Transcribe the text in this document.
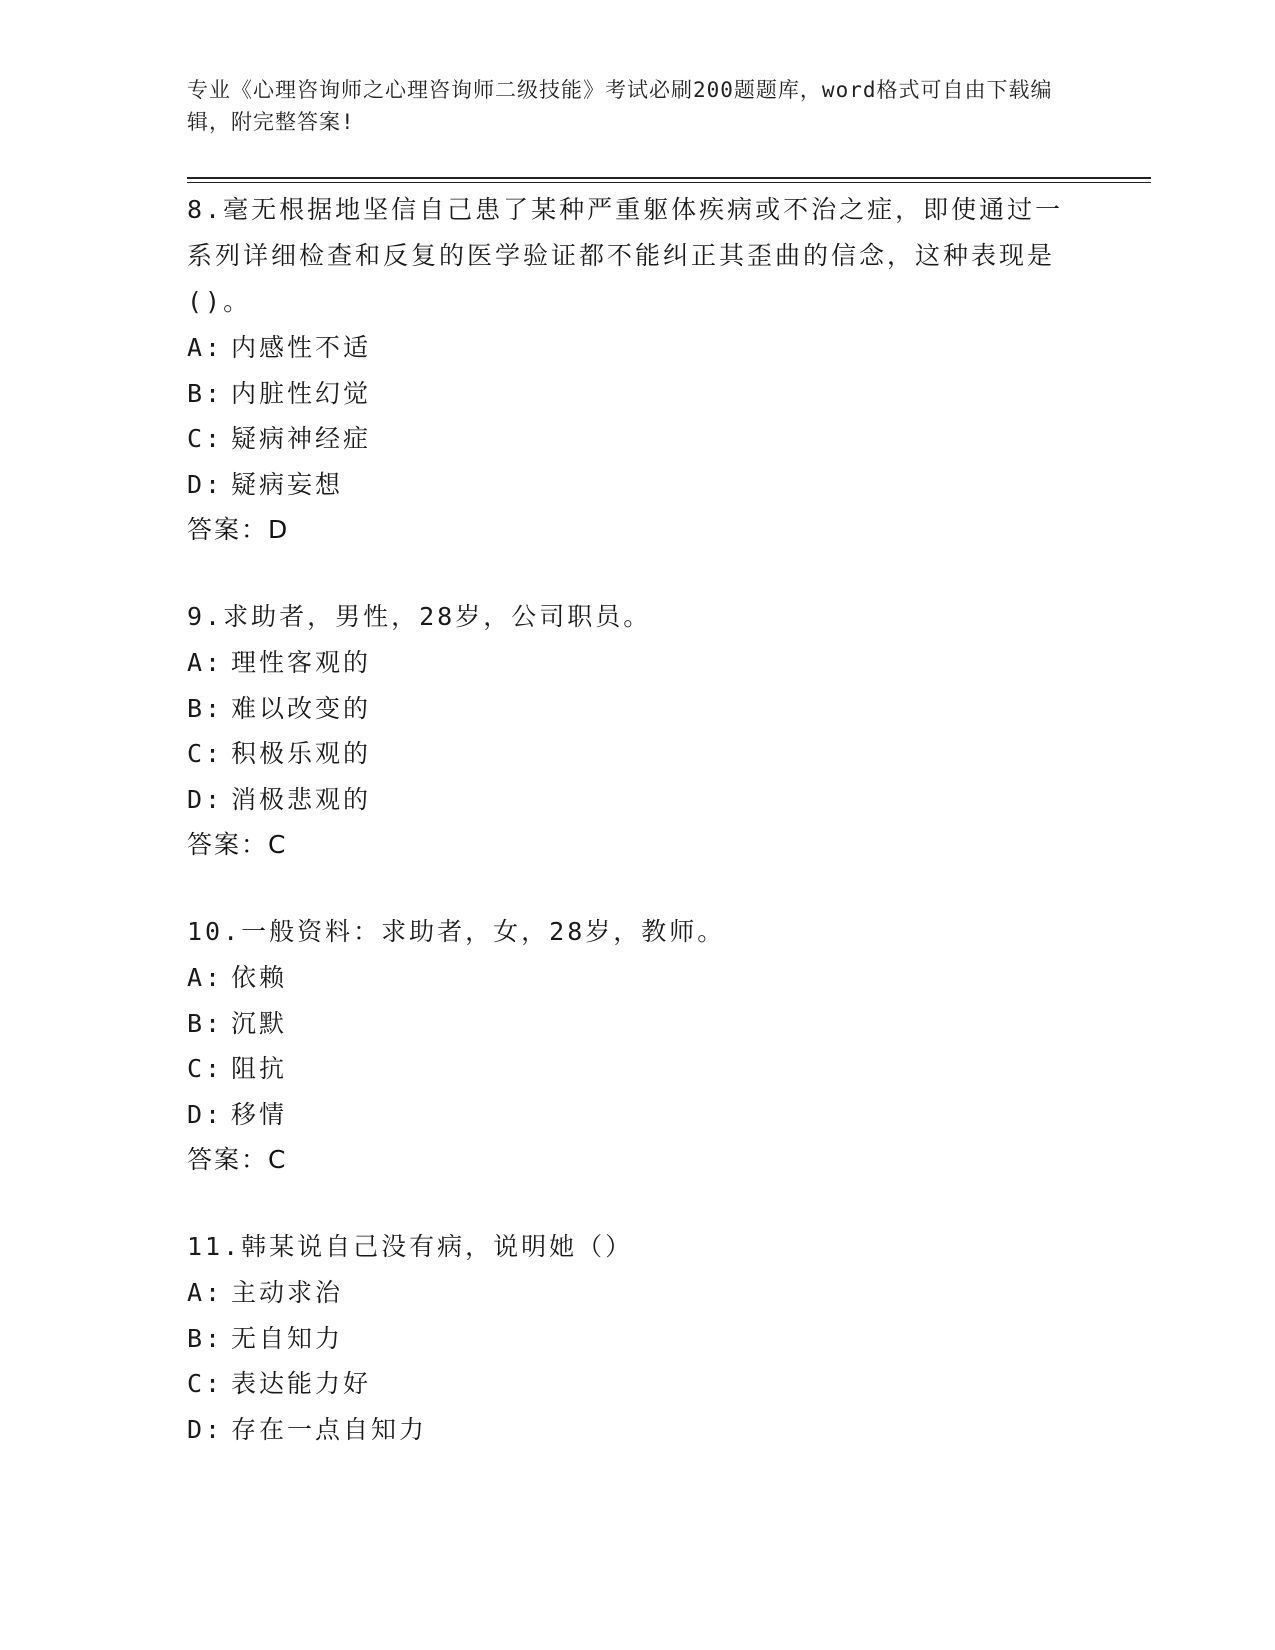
专业《心理咨询师之心理咨询师二级技能》考试必刷200题题库，word格式可自由下载编辑，附完整答案!

8.毫无根据地坚信自己患了某种严重躯体疾病或不治之症，即使通过一系列详细检查和反复的医学验证都不能纠正其歪曲的信念，这种表现是()。

A: 内感性不适

B: 内脏性幻觉

C: 疑病神经症

D: 疑病妄想

答案：D

9.求助者，男性，28岁，公司职员。

A: 理性客观的

B: 难以改变的

C: 积极乐观的

D: 消极悲观的

答案：C

10.一般资料：求助者，女，28岁，教师。

A: 依赖

B: 沉默

C: 阻抗

D: 移情

答案：C

11.韩某说自己没有病，说明她（）

A: 主动求治

B: 无自知力

C: 表达能力好

D: 存在一点自知力
